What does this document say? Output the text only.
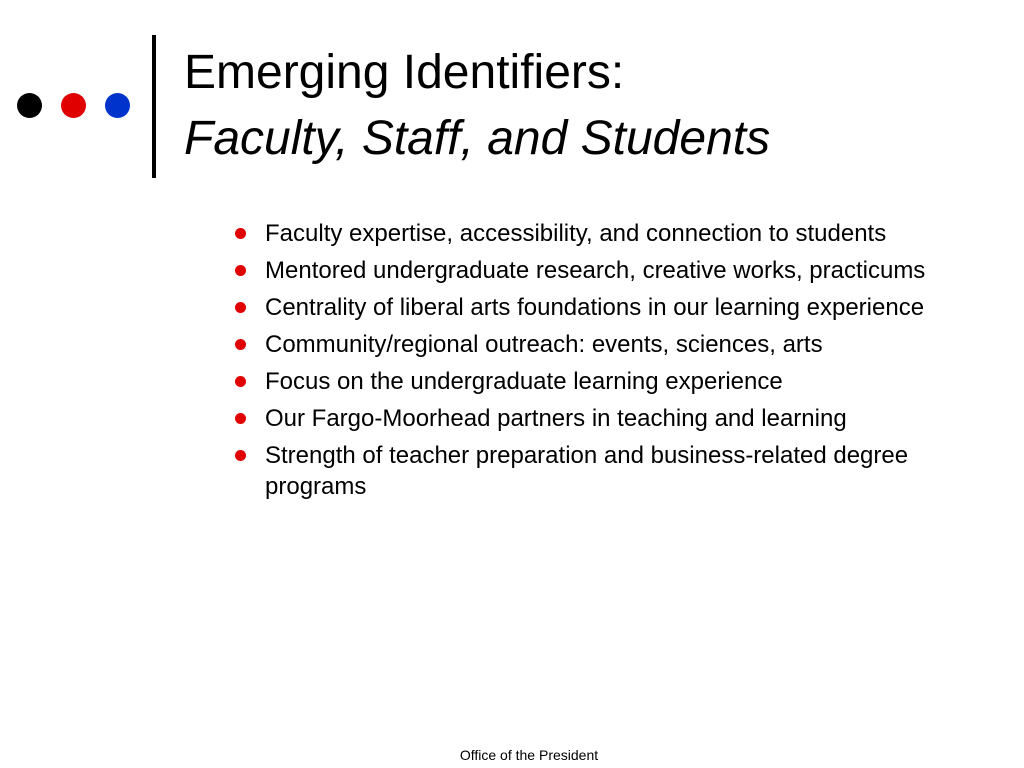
Emerging Identifiers:
Faculty, Staff, and Students
Faculty expertise, accessibility, and connection to students
Mentored undergraduate research, creative works, practicums
Centrality of liberal arts foundations in our learning experience
Community/regional outreach: events, sciences, arts
Focus on the undergraduate learning experience
Our Fargo-Moorhead partners in teaching and learning
Strength of teacher preparation and business-related degree programs
Office of the President
